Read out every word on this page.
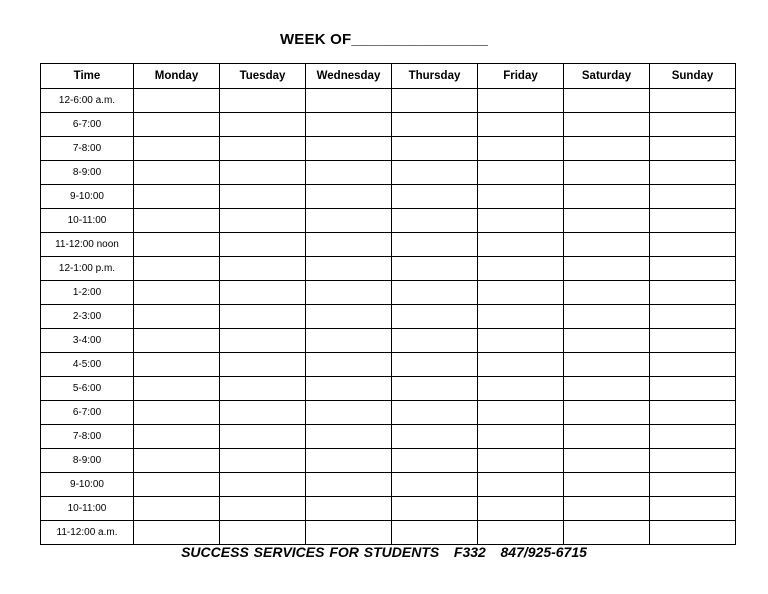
WEEK OF________________
Time	Monday	Tuesday	Wednesday	Thursday	Friday	Saturday	Sunday
12-6:00 a.m.							
6-7:00							
7-8:00							
8-9:00							
9-10:00							
10-11:00							
11-12:00 noon							
12-1:00 p.m.							
1-2:00							
2-3:00							
3-4:00							
4-5:00							
5-6:00							
6-7:00							
7-8:00							
8-9:00							
9-10:00							
10-11:00							
11-12:00 a.m.							
SUCCESS SERVICES FOR STUDENTS   F332   847/925-6715
